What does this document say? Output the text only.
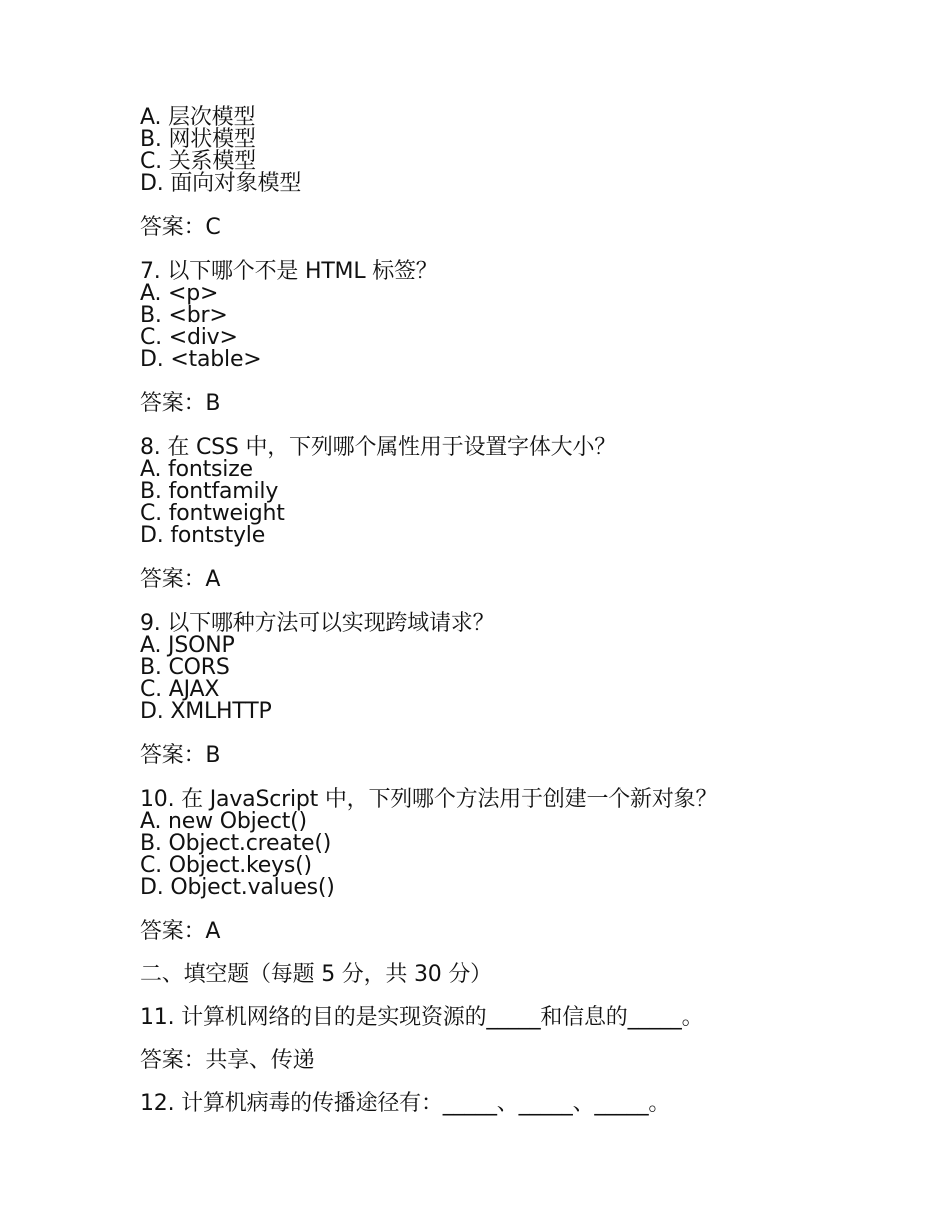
A. 层次模型
B. 网状模型
C. 关系模型
D. 面向对象模型
答案：C
7. 以下哪个不是 HTML 标签？
A. <p>
B. <br>
C. <div>
D. <table>
答案：B
8. 在 CSS 中，下列哪个属性用于设置字体大小？
A. fontsize
B. fontfamily
C. fontweight
D. fontstyle
答案：A
9. 以下哪种方法可以实现跨域请求？
A. JSONP
B. CORS
C. AJAX
D. XMLHTTP
答案：B
10. 在 JavaScript 中，下列哪个方法用于创建一个新对象？
A. new Object()
B. Object.create()
C. Object.keys()
D. Object.values()
答案：A
二、填空题（每题 5 分，共 30 分）
11. 计算机网络的目的是实现资源的_____和信息的_____。
答案：共享、传递
12. 计算机病毒的传播途径有：_____、_____、_____。
